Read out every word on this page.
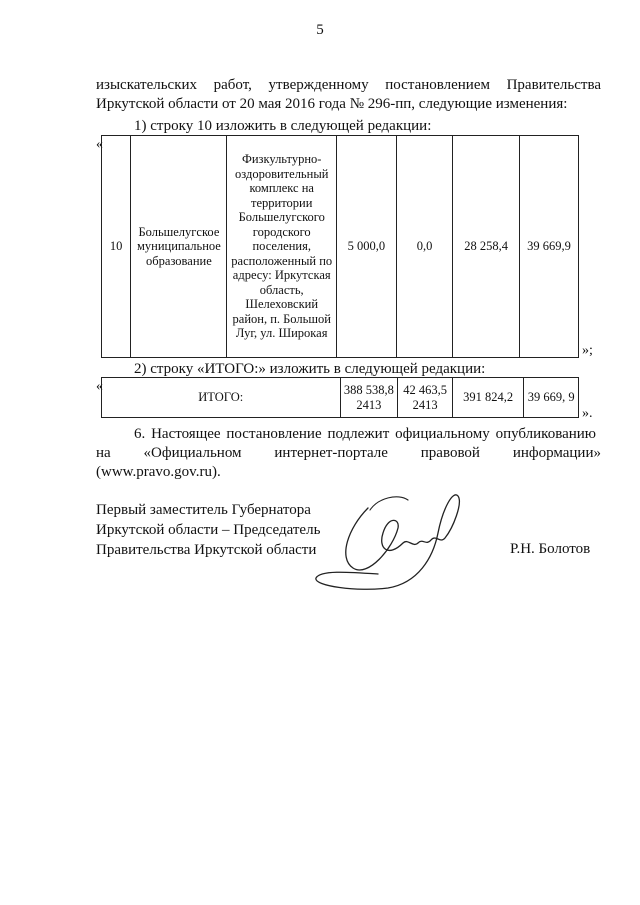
5
изыскательских работ, утвержденному постановлением Правительства
Иркутской области от 20 мая 2016 года № 296-пп, следующие изменения:
1) строку 10 изложить в следующей редакции:
«
10	Большелугское муниципальное образование	Физкультурно-оздоровительный комплекс на территории Большелугского городского поселения, расположенный по адресу: Иркутская область, Шелеховский район, п. Большой Луг, ул. Широкая	5 000,0	0,0	28 258,4	39 669,9
»;
2) строку «ИТОГО:» изложить в следующей редакции:
«
ИТОГО:	388 538,8 2413	42 463,5 2413	391 824,2	39 669, 9
».
6. Настоящее постановление подлежит официальному опубликованию
на «Официальном интернет-портале правовой информации»
(www.pravo.gov.ru).
Первый заместитель Губернатора
Иркутской области – Председатель
Правительства Иркутской области	Р.Н. Болотов
